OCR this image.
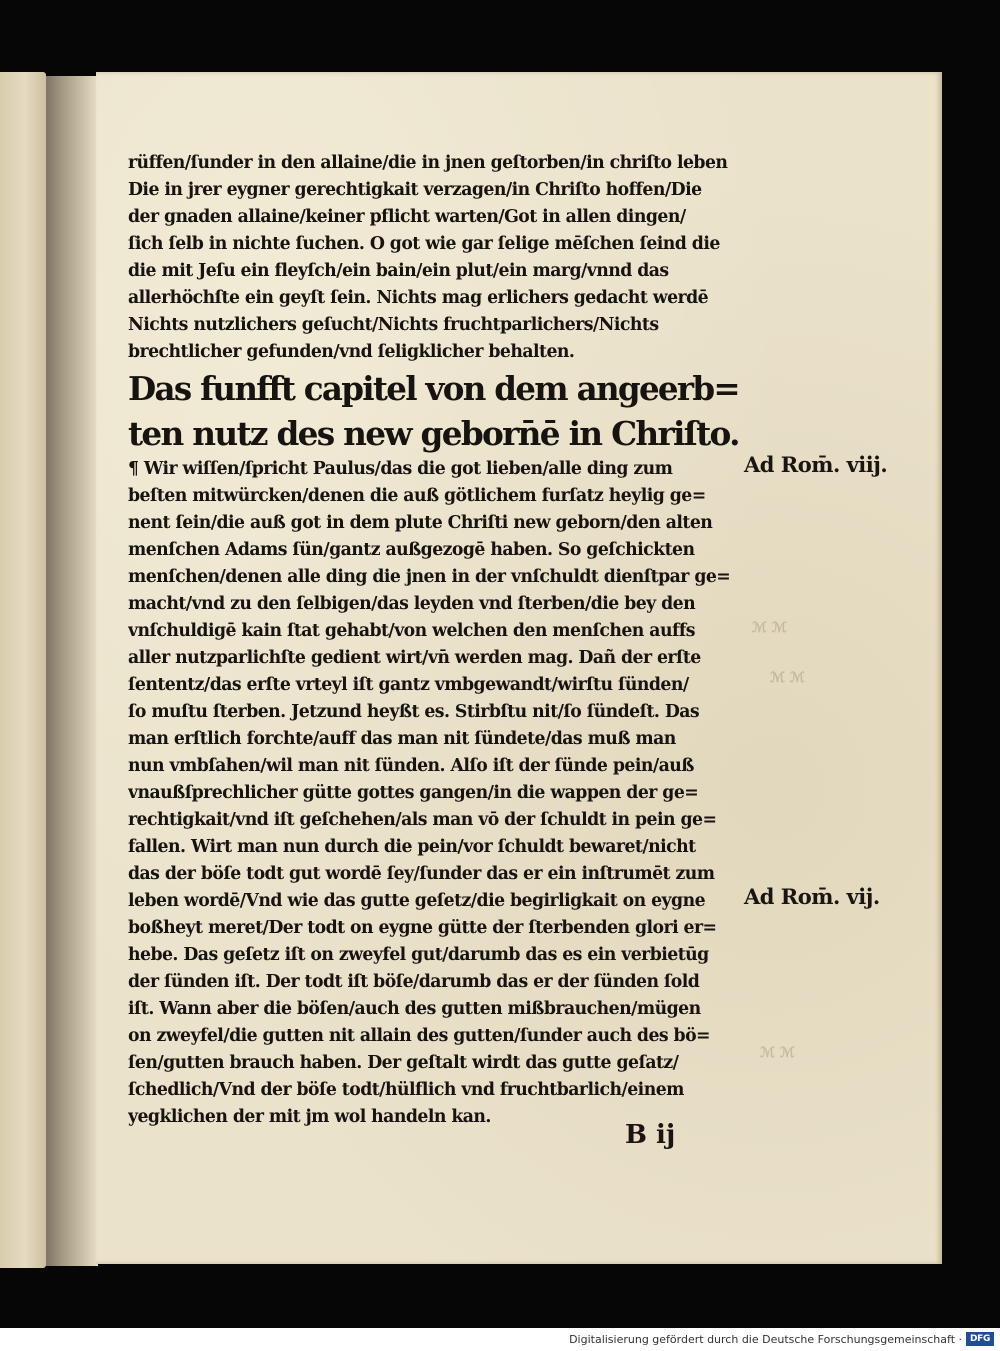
ℳ ℳ
ℳ ℳ
ℳ ℳ
rüffen/ſunder in den allaine/die in jnen geſtorben/in chriſto leben
Die in jrer eygner gerechtigkait verzagen/in Chriſto hoffen/Die
der gnaden allaine/keiner pflicht warten/Got in allen dingen/
ſich ſelb in nichte ſuchen. O got wie gar ſelige mēſchen ſeind die
die mit Jeſu ein fleyſch/ein bain/ein plut/ein marg/vnnd das
allerhöchſte ein geyſt ſein. Nichts mag erlichers gedacht werdē
Nichts nutzlichers geſucht/Nichts fruchtparlichers/Nichts
brechtlicher gefunden/vnd ſeligklicher behalten.
Das funfft capitel von dem angeerb=
ten nutz des new geborn̄ē in Chriſto.
¶ Wir wiſſen/ſpricht Paulus/das die got lieben/alle ding zum
beſten mitwürcken/denen die auß götlichem furſatz heylig ge=
nent ſein/die auß got in dem plute Chriſti new geborn/den alten
menſchen Adams ſün/gantz außgezogē haben. So geſchickten
menſchen/denen alle ding die jnen in der vnſchuldt dienſtpar ge=
macht/vnd zu den ſelbigen/das leyden vnd ſterben/die bey den
vnſchuldigē kain ſtat gehabt/von welchen den menſchen auffs
aller nutzparlichſte gedient wirt/vn̄ werden mag. Dañ der erſte
ſententz/das erſte vrteyl iſt gantz vmbgewandt/wirſtu ſünden/
ſo muſtu ſterben. Jetzund heyßt es. Stirbſtu nit/ſo ſündeſt. Das
man erſtlich forchte/auff das man nit ſündete/das muß man
nun vmbſahen/wil man nit ſünden. Alſo iſt der ſünde pein/auß
vnaußſprechlicher gütte gottes gangen/in die wappen der ge=
rechtigkait/vnd iſt geſchehen/als man vō der ſchuldt in pein ge=
fallen. Wirt man nun durch die pein/vor ſchuldt bewaret/nicht
das der böſe todt gut wordē ſey/ſunder das er ein inſtrumēt zum
leben wordē/Vnd wie das gutte geſetz/die begirligkait on eygne
boßheyt meret/Der todt on eygne gütte der ſterbenden glori er=
hebe. Das geſetz iſt on zweyfel gut/darumb das es ein verbietūg
der ſünden iſt. Der todt iſt böſe/darumb das er der ſünden ſold
iſt. Wann aber die böſen/auch des gutten mißbrauchen/mügen
on zweyfel/die gutten nit allain des gutten/ſunder auch des bö=
ſen/gutten brauch haben. Der geſtalt wirdt das gutte geſatz/
ſchedlich/Vnd der böſe todt/hülflich vnd fruchtbarlich/einem
yegklichen der mit jm wol handeln kan.
Ad Rom̄. viij.
Ad Rom̄. vij.
B ij
Digitalisierung gefördert durch die Deutsche Forschungsgemeinschaft · DFG
